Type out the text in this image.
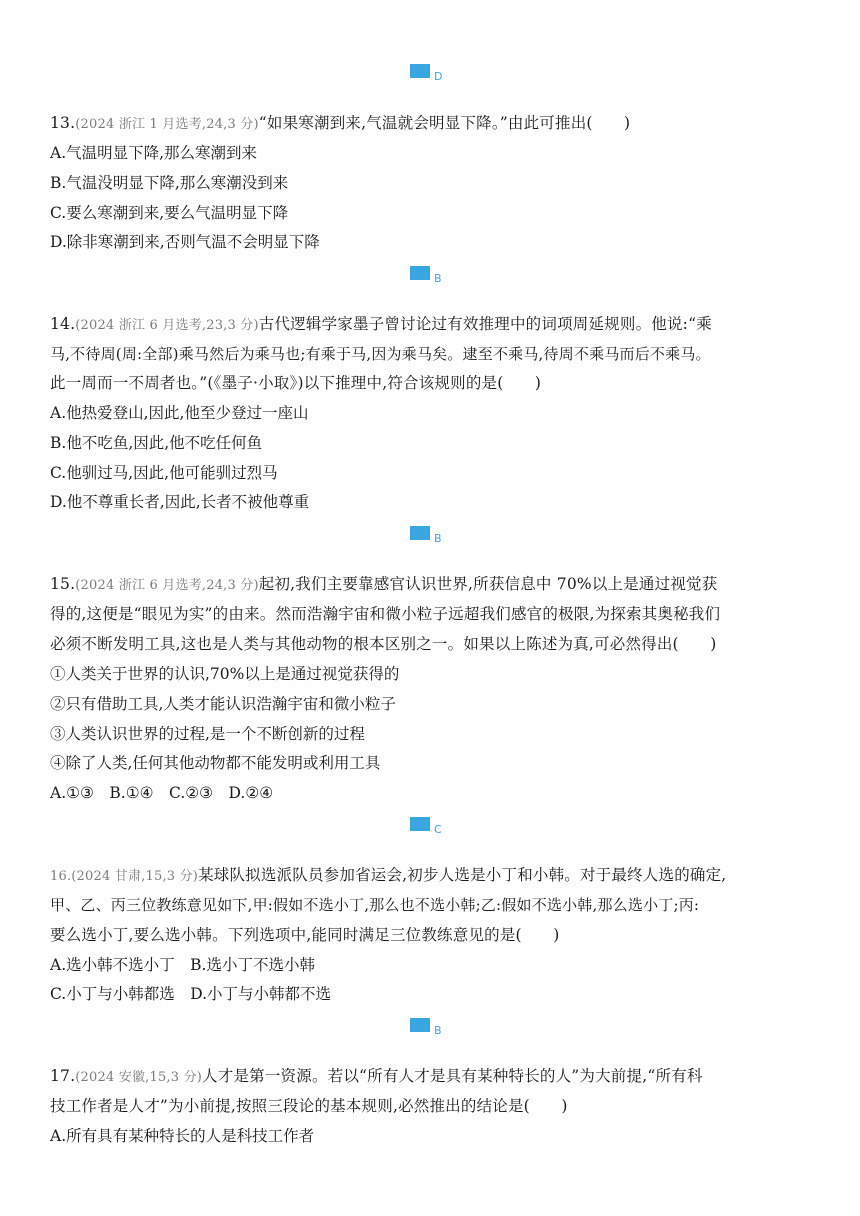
D
13.(2024 浙江 1 月选考,24,3 分)“如果寒潮到来,气温就会明显下降。”由此可推出(　　)
A.气温明显下降,那么寒潮到来
B.气温没明显下降,那么寒潮没到来
C.要么寒潮到来,要么气温明显下降
D.除非寒潮到来,否则气温不会明显下降
B
14.(2024 浙江 6 月选考,23,3 分)古代逻辑学家墨子曾讨论过有效推理中的词项周延规则。他说:“乘
马,不待周(周:全部)乘马然后为乘马也;有乘于马,因为乘马矣。逮至不乘马,待周不乘马而后不乘马。
此一周而一不周者也。”(《墨子·小取》)以下推理中,符合该规则的是(　　)
A.他热爱登山,因此,他至少登过一座山
B.他不吃鱼,因此,他不吃任何鱼
C.他驯过马,因此,他可能驯过烈马
D.他不尊重长者,因此,长者不被他尊重
B
15.(2024 浙江 6 月选考,24,3 分)起初,我们主要靠感官认识世界,所获信息中 70%以上是通过视觉获
得的,这便是“眼见为实”的由来。然而浩瀚宇宙和微小粒子远超我们感官的极限,为探索其奥秘我们
必须不断发明工具,这也是人类与其他动物的根本区别之一。如果以上陈述为真,可必然得出(　　)
①人类关于世界的认识,70%以上是通过视觉获得的
②只有借助工具,人类才能认识浩瀚宇宙和微小粒子
③人类认识世界的过程,是一个不断创新的过程
④除了人类,任何其他动物都不能发明或利用工具
A.①③　B.①④　C.②③　D.②④
C
16.(2024 甘肃,15,3 分)某球队拟选派队员参加省运会,初步人选是小丁和小韩。对于最终人选的确定,
甲、乙、丙三位教练意见如下,甲:假如不选小丁,那么也不选小韩;乙:假如不选小韩,那么选小丁;丙:
要么选小丁,要么选小韩。下列选项中,能同时满足三位教练意见的是(　　)
A.选小韩不选小丁　B.选小丁不选小韩
C.小丁与小韩都选　D.小丁与小韩都不选
B
17.(2024 安徽,15,3 分)人才是第一资源。若以“所有人才是具有某种特长的人”为大前提,“所有科
技工作者是人才”为小前提,按照三段论的基本规则,必然推出的结论是(　　)
A.所有具有某种特长的人是科技工作者
